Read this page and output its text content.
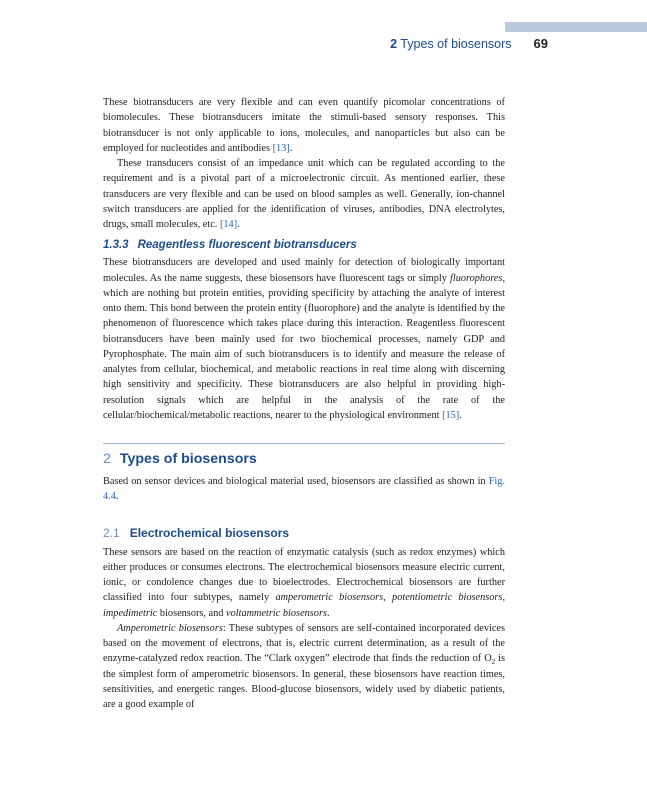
2 Types of biosensors 69

These biotransducers are very flexible and can even quantify picomolar concentrations of biomolecules. These biotransducers imitate the stimuli-based sensory responses. This biotransducer is not only applicable to ions, molecules, and nanoparticles but also can be employed for nucleotides and antibodies [13].

These transducers consist of an impedance unit which can be regulated according to the requirement and is a pivotal part of a microelectronic circuit. As mentioned earlier, these transducers are very flexible and can be used on blood samples as well. Generally, ion-channel switch transducers are applied for the identification of viruses, antibodies, DNA electrolytes, drugs, small molecules, etc. [14].

1.3.3 Reagentless fluorescent biotransducers

These biotransducers are developed and used mainly for detection of biologically important molecules. As the name suggests, these biosensors have fluorescent tags or simply fluorophores, which are nothing but protein entities, providing specificity by attaching the analyte of interest onto them. This bond between the protein entity (fluorophore) and the analyte is identified by the phenomenon of fluorescence which takes place during this interaction. Reagentless fluorescent biotransducers have been mainly used for two biochemical processes, namely GDP and Pyrophosphate. The main aim of such biotransducers is to identify and measure the release of analytes from cellular, biochemical, and metabolic reactions in real time along with discerning high sensitivity and specificity. These biotransducers are also helpful in providing high-resolution signals which are helpful in the analysis of the rate of the cellular/biochemical/metabolic reactions, nearer to the physiological environment [15].

2 Types of biosensors

Based on sensor devices and biological material used, biosensors are classified as shown in Fig. 4.4.

2.1 Electrochemical biosensors

These sensors are based on the reaction of enzymatic catalysis (such as redox enzymes) which either produces or consumes electrons. The electrochemical biosensors measure electric current, ionic, or condolence changes due to bioelectrodes. Electrochemical biosensors are further classified into four subtypes, namely amperometric biosensors, potentiometric biosensors, impedimetric biosensors, and voltammetric biosensors.

Amperometric biosensors: These subtypes of sensors are self-contained incorporated devices based on the movement of electrons, that is, electric current determination, as a result of the enzyme-catalyzed redox reaction. The “Clark oxygen” electrode that finds the reduction of $O_2$ is the simplest form of amperometric biosensors. In general, these biosensors have reaction times, sensitivities, and energetic ranges. Blood-glucose biosensors, widely used by diabetic patients, are a good example of
